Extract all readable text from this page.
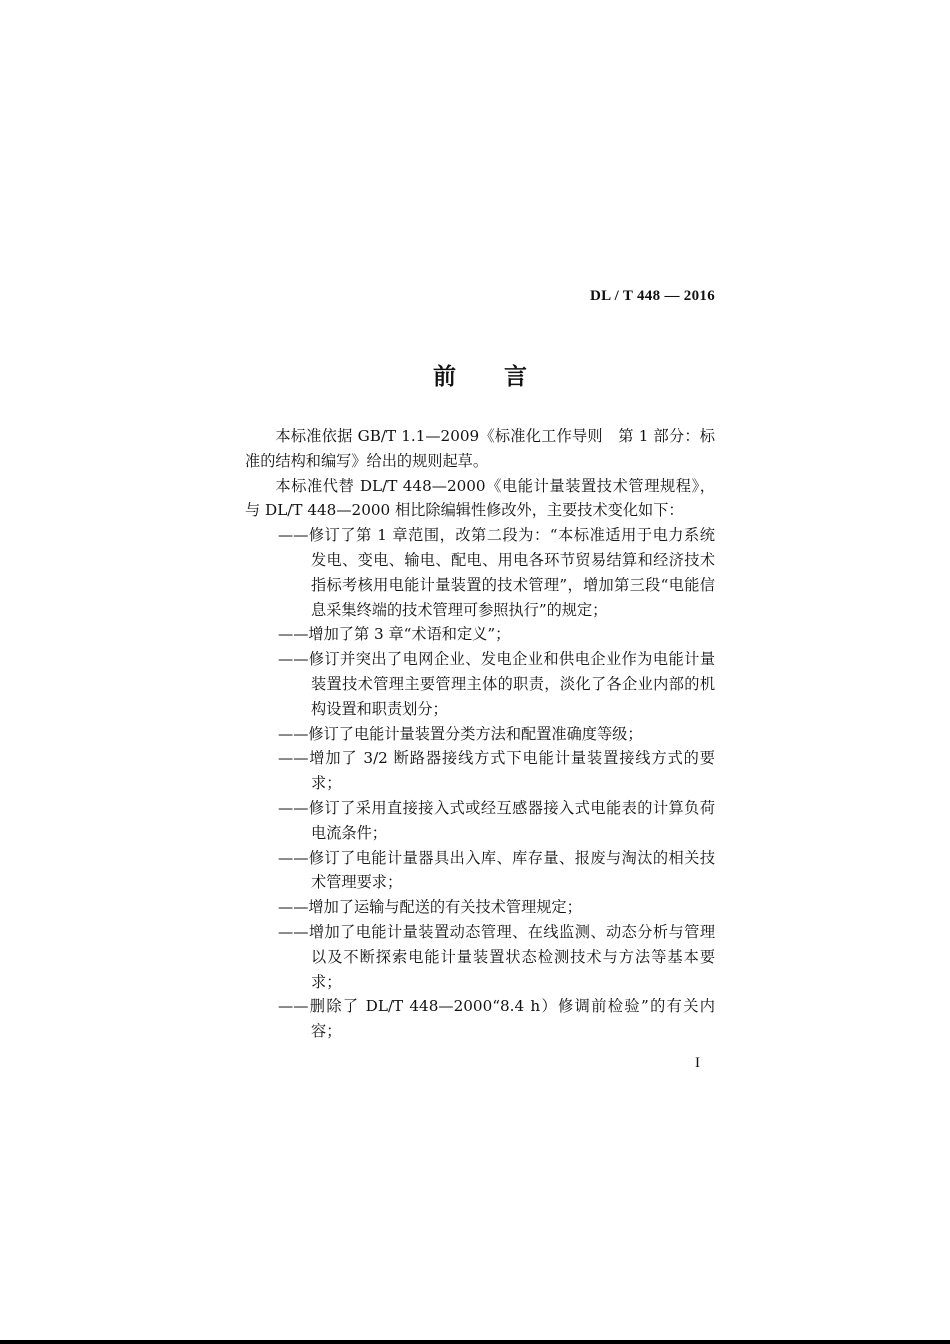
DL / T 448 — 2016
前 言

本标准依据 GB/T 1.1—2009《标准化工作导则　第 1 部分：标准的结构和编写》给出的规则起草。

本标准代替 DL/T 448—2000《电能计量装置技术管理规程》，与 DL/T 448—2000 相比除编辑性修改外，主要技术变化如下：

——修订了第 1 章范围，改第二段为：“本标准适用于电力系统发电、变电、输电、配电、用电各环节贸易结算和经济技术指标考核用电能计量装置的技术管理”，增加第三段“电能信息采集终端的技术管理可参照执行”的规定；

——增加了第 3 章“术语和定义”；

——修订并突出了电网企业、发电企业和供电企业作为电能计量装置技术管理主要管理主体的职责，淡化了各企业内部的机构设置和职责划分；

——修订了电能计量装置分类方法和配置准确度等级；

——增加了 3/2 断路器接线方式下电能计量装置接线方式的要求；

——修订了采用直接接入式或经互感器接入式电能表的计算负荷电流条件；

——修订了电能计量器具出入库、库存量、报废与淘汰的相关技术管理要求；

——增加了运输与配送的有关技术管理规定；

——增加了电能计量装置动态管理、在线监测、动态分析与管理以及不断探索电能计量装置状态检测技术与方法等基本要求；

——删除了 DL/T 448—2000“8.4 h）修调前检验”的有关内容；

I
